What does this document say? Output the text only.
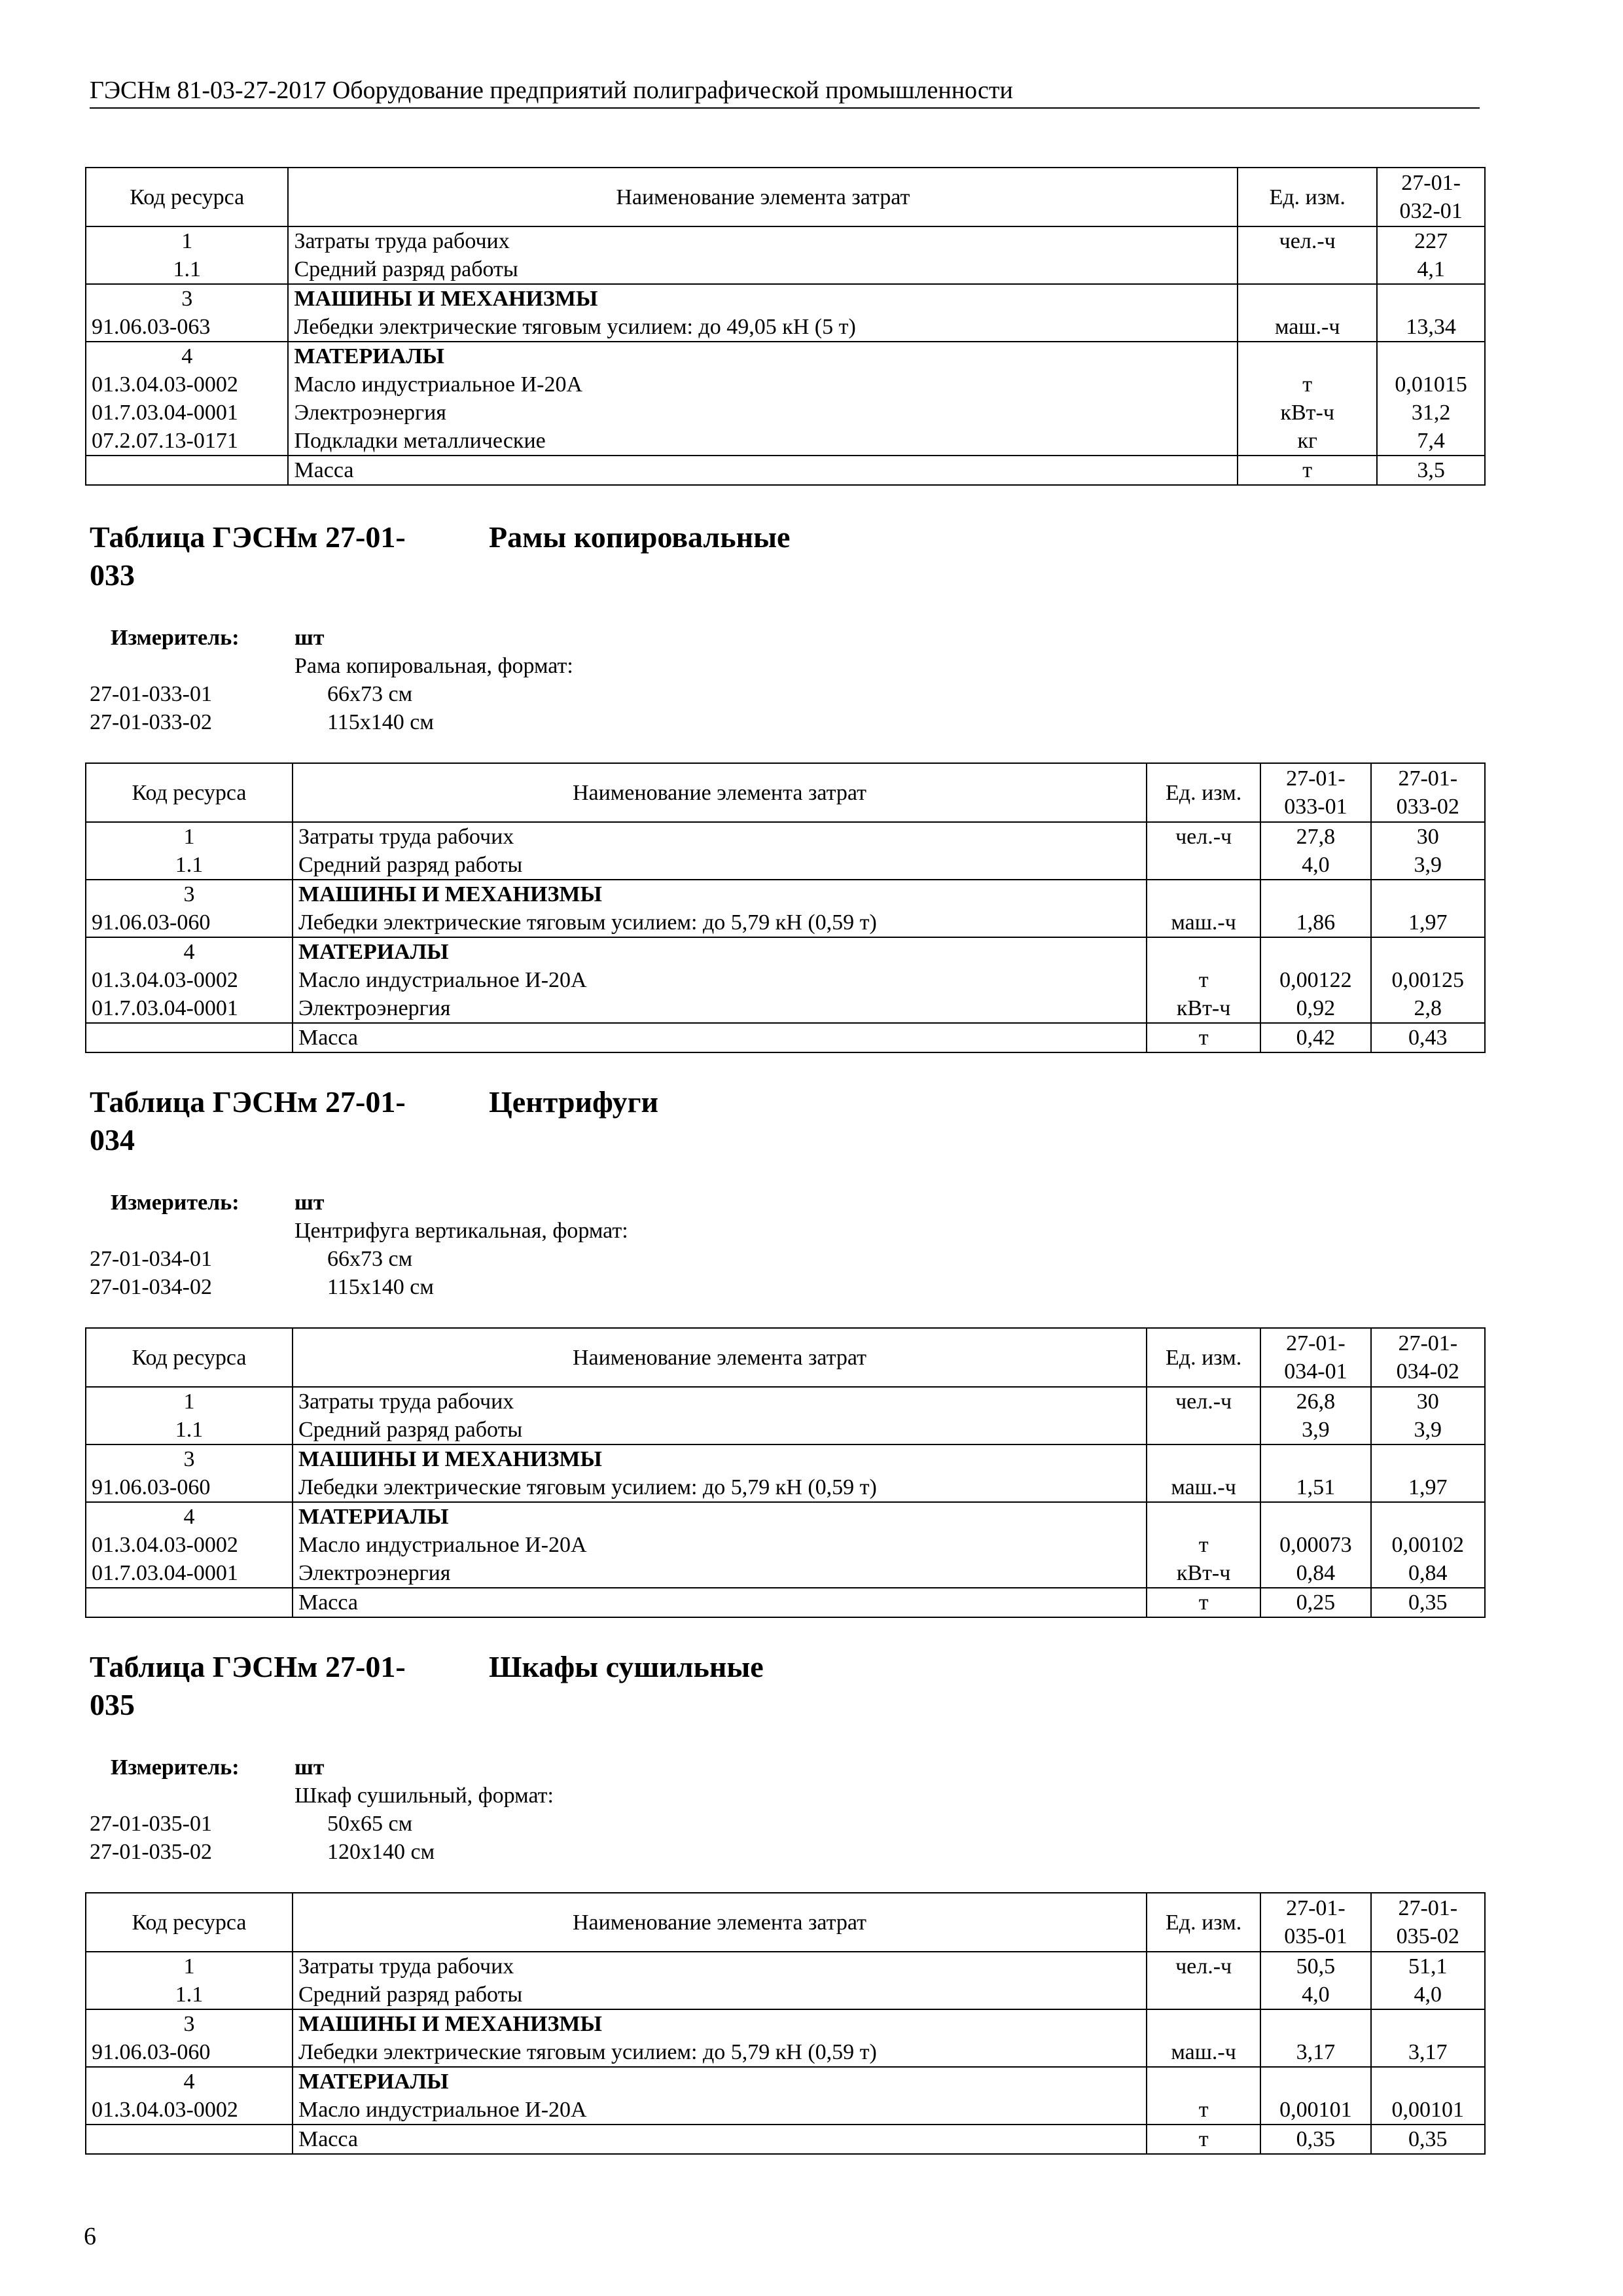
ГЭСНм 81-03-27-2017 Оборудование предприятий полиграфической промышленности
Код ресурса	Наименование элемента затрат	Ед. изм.	27-01-
032-01
1	Затраты труда рабочих	чел.-ч	227
1.1	Средний разряд работы		4,1
3	МАШИНЫ И МЕХАНИЗМЫ		
91.06.03-063	Лебедки электрические тяговым усилием: до 49,05 кН (5 т)	маш.-ч	13,34
4	МАТЕРИАЛЫ		
01.3.04.03-0002	Масло индустриальное И-20А	т	0,01015
01.7.03.04-0001	Электроэнергия	кВт-ч	31,2
07.2.07.13-0171	Подкладки металлические	кг	7,4
	Масса	т	3,5
Таблица ГЭСНм 27-01-
033
Рамы копировальные
Измеритель: шт
Рама копировальная, формат:
27-01-033-01	66x73 см
27-01-033-02	115x140 см
Код ресурса	Наименование элемента затрат	Ед. изм.	27-01-
033-01	27-01-
033-02
1	Затраты труда рабочих	чел.-ч	27,8	30
1.1	Средний разряд работы		4,0	3,9
3	МАШИНЫ И МЕХАНИЗМЫ			
91.06.03-060	Лебедки электрические тяговым усилием: до 5,79 кН (0,59 т)	маш.-ч	1,86	1,97
4	МАТЕРИАЛЫ			
01.3.04.03-0002	Масло индустриальное И-20А	т	0,00122	0,00125
01.7.03.04-0001	Электроэнергия	кВт-ч	0,92	2,8
	Масса	т	0,42	0,43
Таблица ГЭСНм 27-01-
034
Центрифуги
Измеритель: шт
Центрифуга вертикальная, формат:
27-01-034-01	66x73 см
27-01-034-02	115x140 см
Код ресурса	Наименование элемента затрат	Ед. изм.	27-01-
034-01	27-01-
034-02
1	Затраты труда рабочих	чел.-ч	26,8	30
1.1	Средний разряд работы		3,9	3,9
3	МАШИНЫ И МЕХАНИЗМЫ			
91.06.03-060	Лебедки электрические тяговым усилием: до 5,79 кН (0,59 т)	маш.-ч	1,51	1,97
4	МАТЕРИАЛЫ			
01.3.04.03-0002	Масло индустриальное И-20А	т	0,00073	0,00102
01.7.03.04-0001	Электроэнергия	кВт-ч	0,84	0,84
	Масса	т	0,25	0,35
Таблица ГЭСНм 27-01-
035
Шкафы сушильные
Измеритель: шт
Шкаф сушильный, формат:
27-01-035-01	50x65 см
27-01-035-02	120x140 см
Код ресурса	Наименование элемента затрат	Ед. изм.	27-01-
035-01	27-01-
035-02
1	Затраты труда рабочих	чел.-ч	50,5	51,1
1.1	Средний разряд работы		4,0	4,0
3	МАШИНЫ И МЕХАНИЗМЫ			
91.06.03-060	Лебедки электрические тяговым усилием: до 5,79 кН (0,59 т)	маш.-ч	3,17	3,17
4	МАТЕРИАЛЫ			
01.3.04.03-0002	Масло индустриальное И-20А	т	0,00101	0,00101
	Масса	т	0,35	0,35
6
